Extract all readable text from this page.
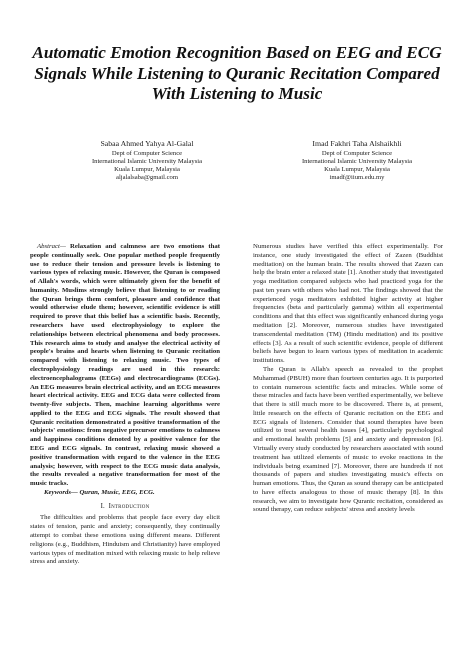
Automatic Emotion Recognition Based on EEG and ECG Signals While Listening to Quranic Recitation Compared With Listening to Music
Sabaa Ahmed Yahya Al-Galal
Dept of Computer Science
International Islamic University Malaysia
Kuala Lumpur, Malaysia
aljalalsaba@gmail.com
Imad Fakhri Taha Alshaikhli
Dept of Computer Science
International Islamic University Malaysia
Kuala Lumpur, Malaysia
imadf@iium.edu.my

Abstract— Relaxation and calmness are two emotions that people continually seek. One popular method people frequently use to reduce their tension and pressure levels is listening to various types of relaxing music. However, the Quran is composed of Allah's words, which were ultimately given for the benefit of humanity. Muslims strongly believe that listening to or reading the Quran brings them comfort, pleasure and confidence that would otherwise elude them; however, scientific evidence is still required to prove that this belief has a scientific basis. Recently, researchers have used electrophysiology to explore the relationships between electrical phenomena and body processes. This research aims to study and analyse the electrical activity of people's brains and hearts when listening to Quranic recitation compared with listening to relaxing music. Two types of electrophysiology readings are used in this research: electroencephalograms (EEGs) and electrocardiograms (ECGs). An EEG measures brain electrical activity, and an ECG measures heart electrical activity. EEG and ECG data were collected from twenty-five subjects. Then, machine learning algorithms were applied to the EEG and ECG signals. The result showed that Quranic recitation demonstrated a positive transformation of the subjects' emotions: from negative precursor emotions to calmness and happiness conditions denoted by a positive valence for the EEG and ECG signals. In contrast, relaxing music showed a positive transformation with regard to the valence in the EEG analysis; however, with respect to the ECG music data analysis, the results revealed a negative transformation for most of the music tracks.

Keywords— Quran, Music, EEG, ECG.

I. Introduction

The difficulties and problems that people face every day elicit states of tension, panic and anxiety; consequently, they continually attempt to combat these emotions using different means. Different religions (e.g., Buddhism, Hinduism and Christianity) have employed various types of meditation mixed with relaxing music to help relieve stress and anxiety.

Numerous studies have verified this effect experimentally. For instance, one study investigated the effect of Zazen (Buddhist meditation) on the human brain. The results showed that Zazen can help the brain enter a relaxed state [1]. Another study that investigated yoga meditation compared subjects who had practiced yoga for the past ten years with others who had not. The findings showed that the experienced yoga meditators exhibited higher activity at higher frequencies (beta and particularly gamma) within all experimental conditions and that this effect was significantly enhanced during yoga meditation [2]. Moreover, numerous studies have investigated transcendental meditation (TM) (Hindu meditation) and its positive effects [3]. As a result of such scientific evidence, people of different beliefs have begun to learn various types of meditation in academic institutions.

The Quran is Allah's speech as revealed to the prophet Muhammad (PBUH) more than fourteen centuries ago. It is purported to contain numerous scientific facts and miracles. While some of these miracles and facts have been verified experimentally, we believe that there is still much more to be discovered. There is, at present, little research on the effects of Quranic recitation on the EEG and ECG signals of listeners. Consider that sound therapies have been utilized to treat several health issues [4], particularly psychological and emotional health problems [5] and anxiety and depression [6]. Virtually every study conducted by researchers associated with sound treatment has utilized elements of music to evoke reactions in the individuals being examined [7]. Moreover, there are hundreds if not thousands of papers and studies investigating music's effects on human emotions. Thus, the Quran as sound therapy can be anticipated to have effects analogous to those of music therapy [8]. In this research, we aim to investigate how Quranic recitation, considered as sound therapy, can reduce subjects' stress and anxiety levels
